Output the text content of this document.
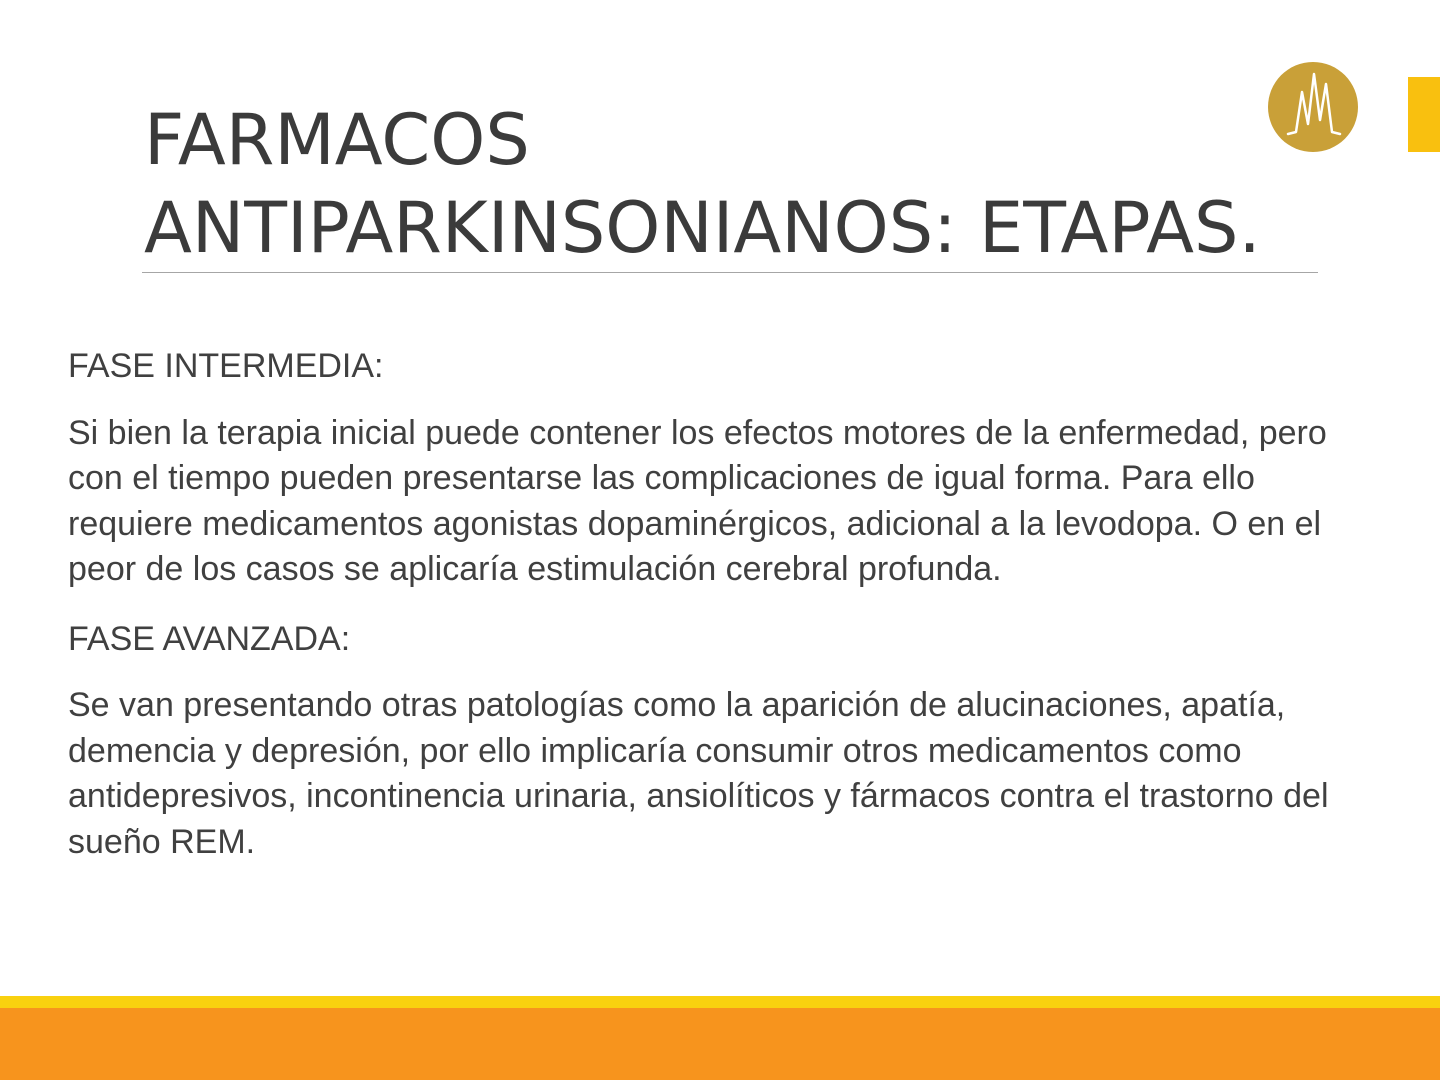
FARMACOS
ANTIPARKINSONIANOS: ETAPAS.

FASE INTERMEDIA:

Si bien la terapia inicial puede contener los efectos motores de la enfermedad, pero con el tiempo pueden presentarse las complicaciones de igual forma. Para ello requiere medicamentos agonistas dopaminérgicos, adicional a la levodopa. O en el peor de los casos se aplicaría estimulación cerebral profunda.

FASE AVANZADA:

Se van presentando otras patologías como la aparición de alucinaciones, apatía, demencia y depresión, por ello implicaría consumir otros medicamentos como antidepresivos, incontinencia urinaria, ansiolíticos y fármacos contra el trastorno del sueño REM.
